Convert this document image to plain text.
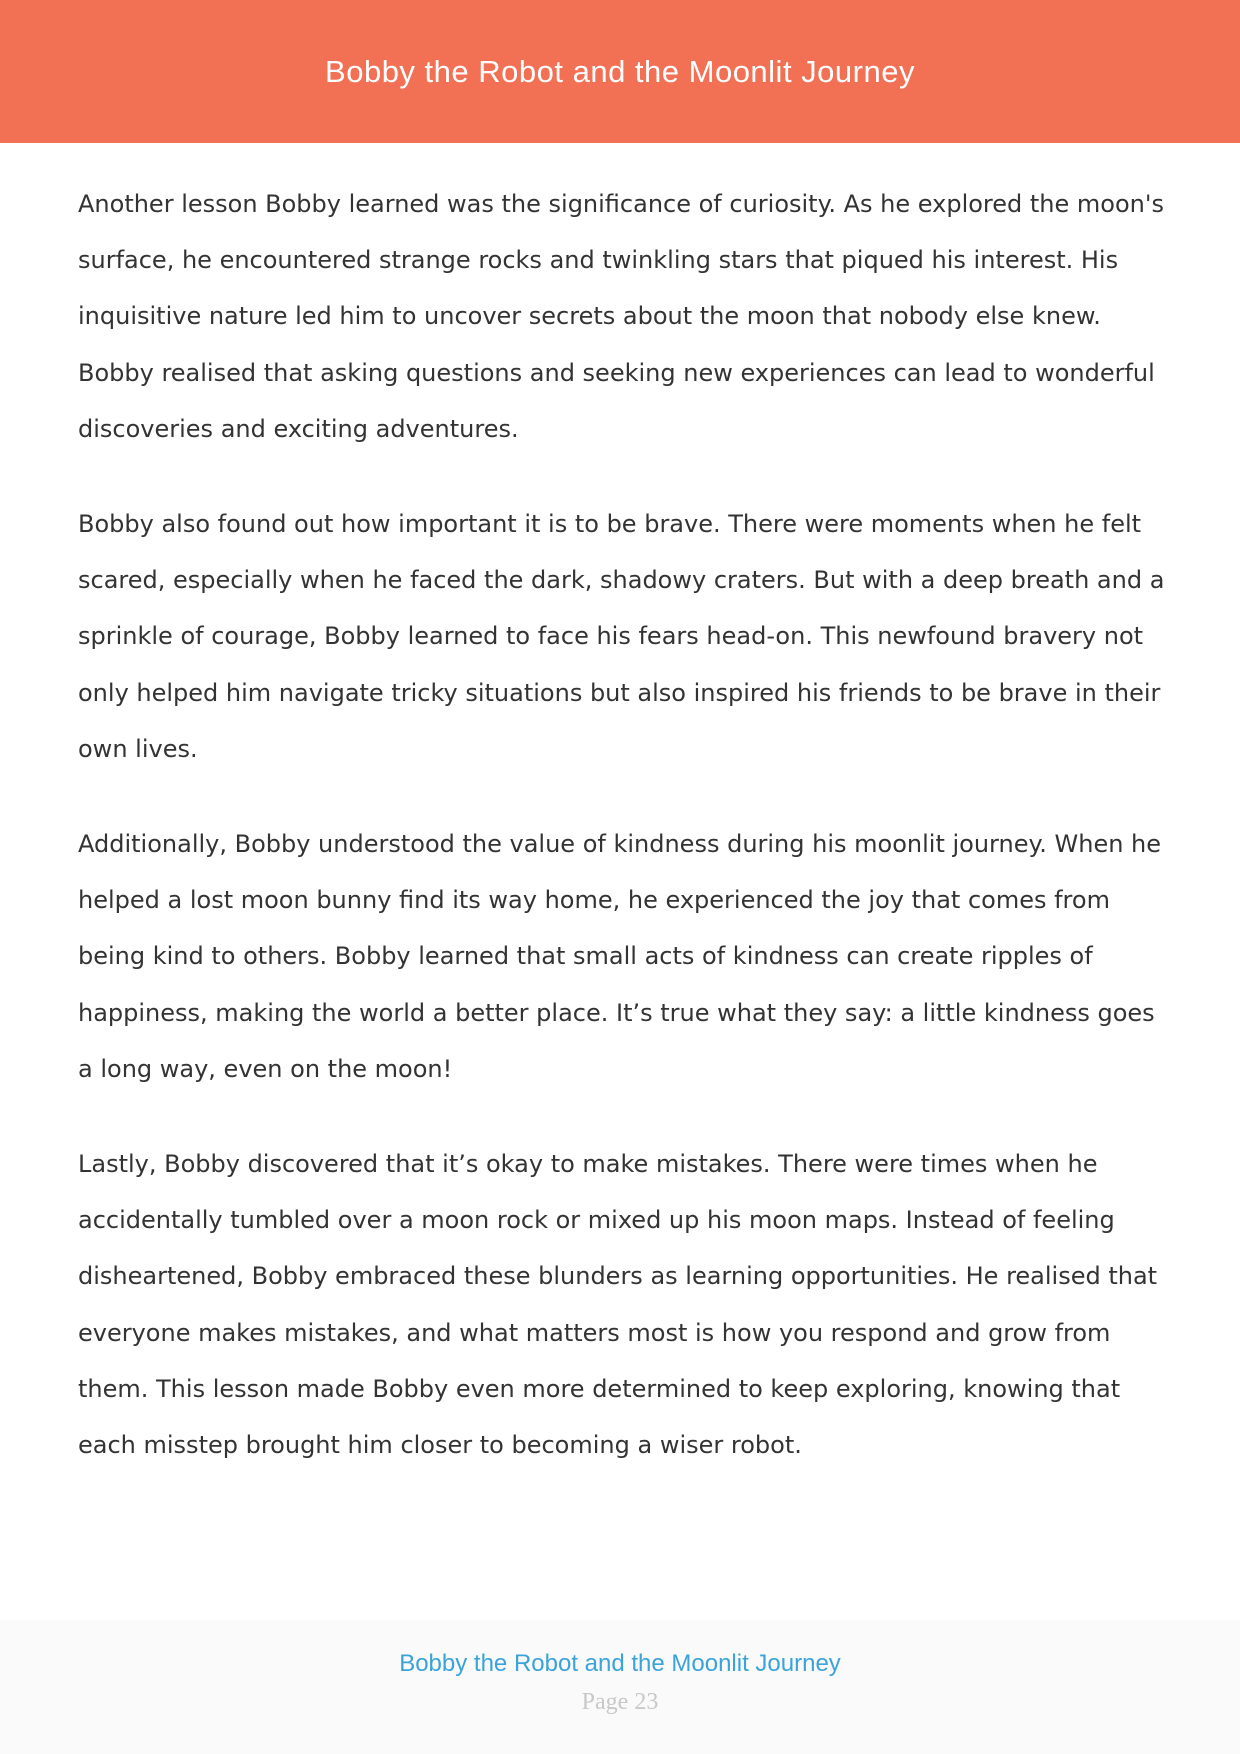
Bobby the Robot and the Moonlit Journey

Another lesson Bobby learned was the significance of curiosity. As he explored the moon's surface, he encountered strange rocks and twinkling stars that piqued his interest. His inquisitive nature led him to uncover secrets about the moon that nobody else knew. Bobby realised that asking questions and seeking new experiences can lead to wonderful discoveries and exciting adventures.

Bobby also found out how important it is to be brave. There were moments when he felt scared, especially when he faced the dark, shadowy craters. But with a deep breath and a sprinkle of courage, Bobby learned to face his fears head-on. This newfound bravery not only helped him navigate tricky situations but also inspired his friends to be brave in their own lives.

Additionally, Bobby understood the value of kindness during his moonlit journey. When he helped a lost moon bunny find its way home, he experienced the joy that comes from being kind to others. Bobby learned that small acts of kindness can create ripples of happiness, making the world a better place. It’s true what they say: a little kindness goes a long way, even on the moon!

Lastly, Bobby discovered that it’s okay to make mistakes. There were times when he accidentally tumbled over a moon rock or mixed up his moon maps. Instead of feeling disheartened, Bobby embraced these blunders as learning opportunities. He realised that everyone makes mistakes, and what matters most is how you respond and grow from them. This lesson made Bobby even more determined to keep exploring, knowing that each misstep brought him closer to becoming a wiser robot.

Bobby the Robot and the Moonlit Journey
Page 23
